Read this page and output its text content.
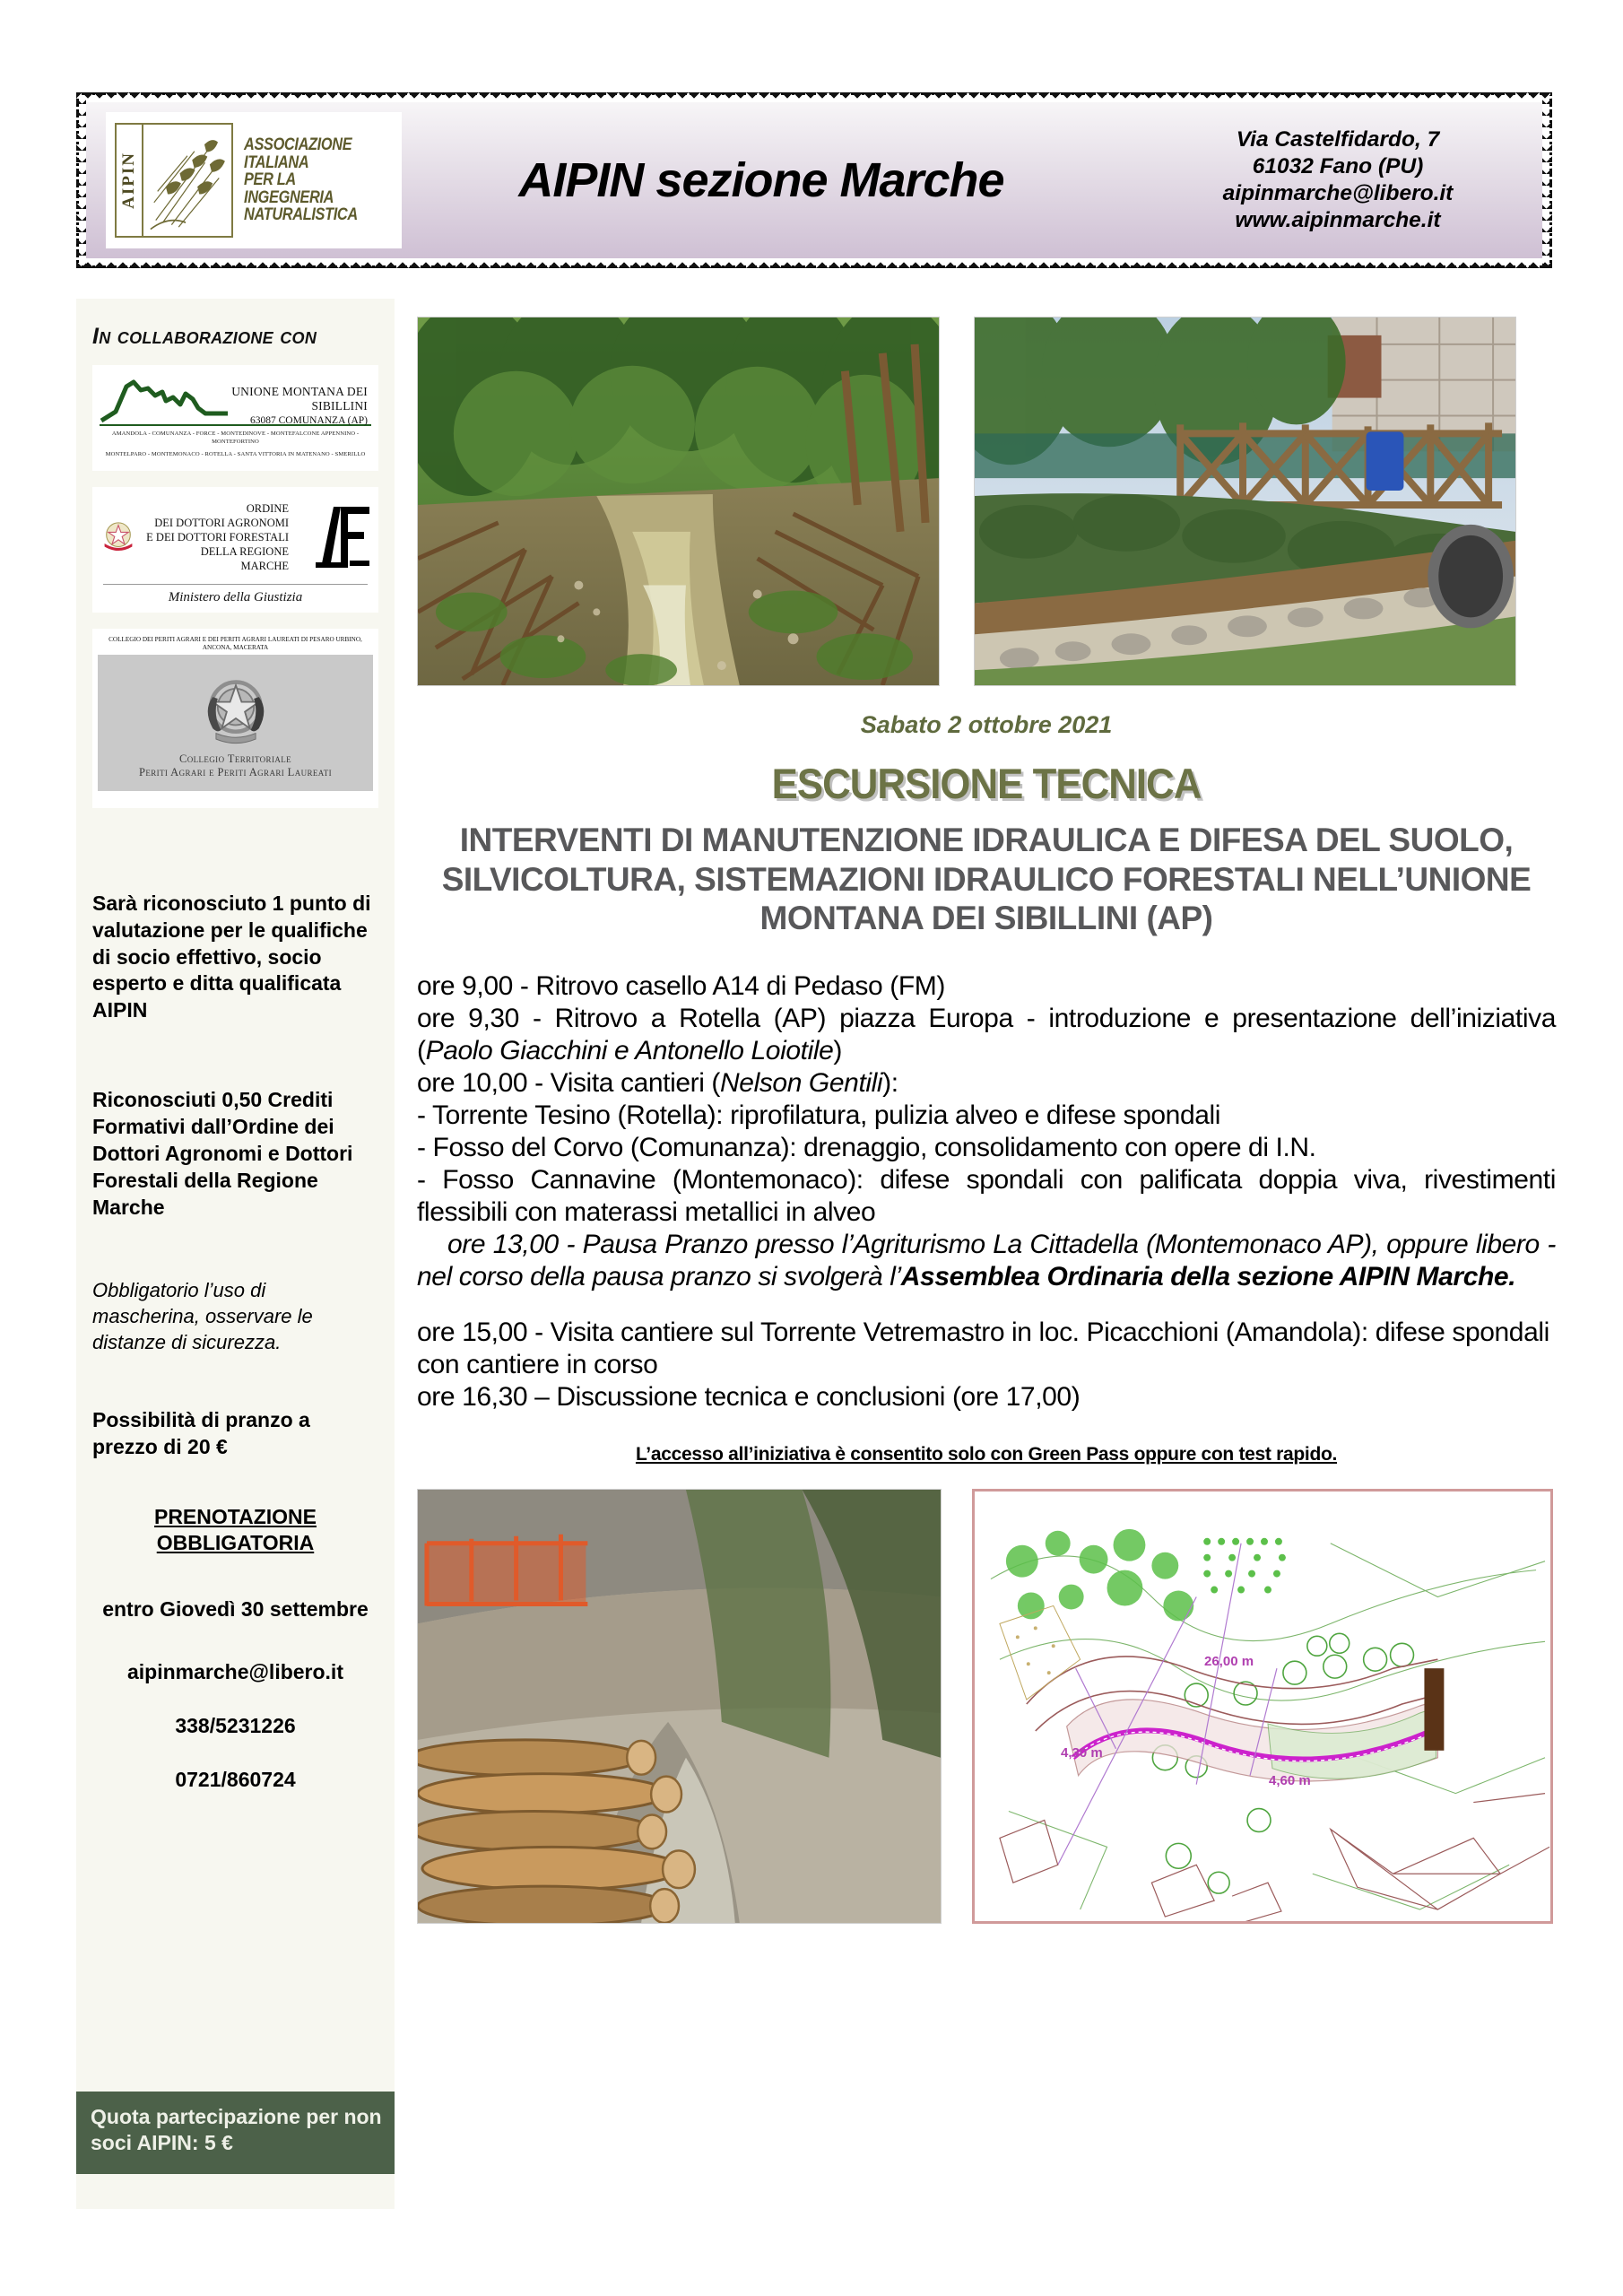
AIPIN
ASSOCIAZIONE
ITALIANA
PER LA
INGEGNERIA
NATURALISTICA
AIPIN sezione Marche
Via Castelfidardo, 7
61032 Fano (PU)
aipinmarche@libero.it
www.aipinmarche.it
In collaborazione con
UNIONE MONTANA DEI SIBILLINI
63087 COMUNANZA (AP)
AMANDOLA - COMUNANZA - FORCE - MONTEDINOVE - MONTEFALCONE APPENNINO - MONTEFORTINO
MONTELPARO - MONTEMONACO - ROTELLA - SANTA VITTORIA IN MATENANO - SMERILLO
ORDINE
DEI DOTTORI AGRONOMI
E DEI DOTTORI FORESTALI
DELLA REGIONE
MARCHE
Ministero della Giustizia
COLLEGIO DEI PERITI AGRARI E DEI PERITI AGRARI LAUREATI DI PESARO URBINO, ANCONA, MACERATA
Collegio Territoriale
Periti Agrari e Periti Agrari Laureati
Sarà riconosciuto 1 punto di valutazione per le qualifiche di socio effettivo, socio esperto e ditta qualificata AIPIN
Riconosciuti 0,50 Crediti Formativi dall’Ordine dei Dottori Agronomi e Dottori Forestali della Regione Marche
Obbligatorio l’uso di mascherina, osservare le distanze di sicurezza.
Possibilità di pranzo a prezzo di 20 €
PRENOTAZIONE
OBBLIGATORIA
entro Giovedì 30 settembre
aipinmarche@libero.it
338/5231226
0721/860724
Quota partecipazione per non soci AIPIN: 5 €
Sabato 2 ottobre 2021
ESCURSIONE TECNICA
INTERVENTI DI MANUTENZIONE IDRAULICA E DIFESA DEL SUOLO, SILVICOLTURA, SISTEMAZIONI IDRAULICO FORESTALI NELL’UNIONE MONTANA DEI SIBILLINI (AP)

ore 9,00 - Ritrovo casello A14 di Pedaso (FM)

ore 9,30 - Ritrovo a Rotella (AP) piazza Europa - introduzione e presentazione dell’iniziativa (Paolo Giacchini e Antonello Loiotile)

ore 10,00 - Visita cantieri (Nelson Gentili):

- Torrente Tesino (Rotella): riprofilatura, pulizia alveo e difese spondali

- Fosso del Corvo (Comunanza): drenaggio, consolidamento con opere di I.N.

- Fosso Cannavine (Montemonaco): difese spondali con palificata doppia viva, rivestimenti flessibili con materassi metallici in alveo

ore 13,00 - Pausa Pranzo presso l’Agriturismo La Cittadella (Montemonaco AP), oppure libero - nel corso della pausa pranzo si svolgerà l’Assemblea Ordinaria della sezione AIPIN Marche.

ore 15,00 - Visita cantiere sul Torrente Vetremastro in loc. Picacchioni (Amandola): difese spondali con cantiere in corso

ore 16,30 – Discussione tecnica e conclusioni (ore 17,00)

L’accesso all’iniziativa è consentito solo con Green Pass oppure con test rapido.
26,00 m
4,30 m
4,60 m
